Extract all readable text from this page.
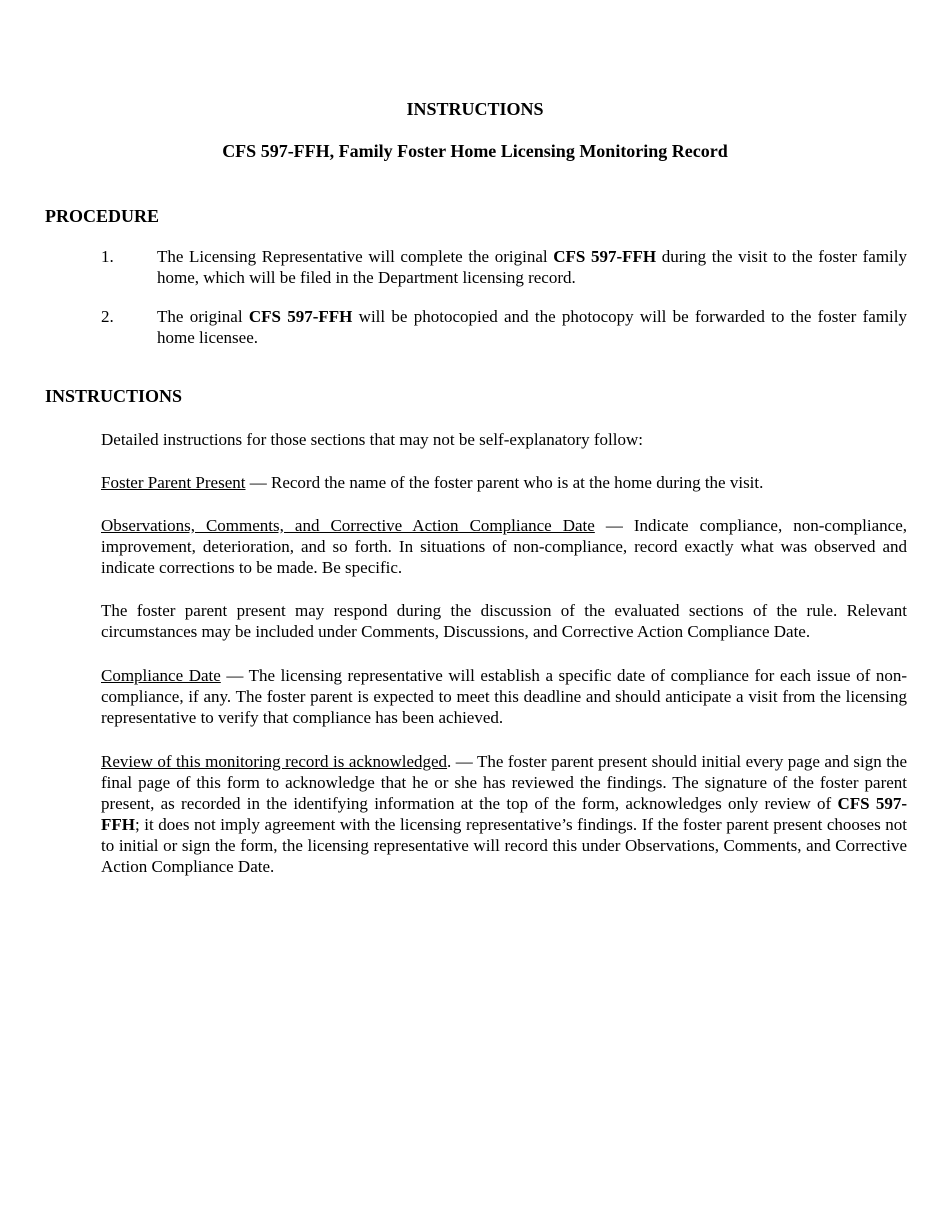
INSTRUCTIONS
CFS 597-FFH, Family Foster Home Licensing Monitoring Record
PROCEDURE
1.	The Licensing Representative will complete the original CFS 597-FFH during the visit to the foster family home, which will be filed in the Department licensing record.
2.	The original CFS 597-FFH will be photocopied and the photocopy will be forwarded to the foster family home licensee.
INSTRUCTIONS
Detailed instructions for those sections that may not be self-explanatory follow:
Foster Parent Present — Record the name of the foster parent who is at the home during the visit.
Observations, Comments, and Corrective Action Compliance Date — Indicate compliance, non-compliance, improvement, deterioration, and so forth. In situations of non-compliance, record exactly what was observed and indicate corrections to be made. Be specific.
The foster parent present may respond during the discussion of the evaluated sections of the rule. Relevant circumstances may be included under Comments, Discussions, and Corrective Action Compliance Date.
Compliance Date — The licensing representative will establish a specific date of compliance for each issue of non-compliance, if any. The foster parent is expected to meet this deadline and should anticipate a visit from the licensing representative to verify that compliance has been achieved.
Review of this monitoring record is acknowledged. — The foster parent present should initial every page and sign the final page of this form to acknowledge that he or she has reviewed the findings. The signature of the foster parent present, as recorded in the identifying information at the top of the form, acknowledges only review of CFS 597-FFH; it does not imply agreement with the licensing representative’s findings. If the foster parent present chooses not to initial or sign the form, the licensing representative will record this under Observations, Comments, and Corrective Action Compliance Date.
